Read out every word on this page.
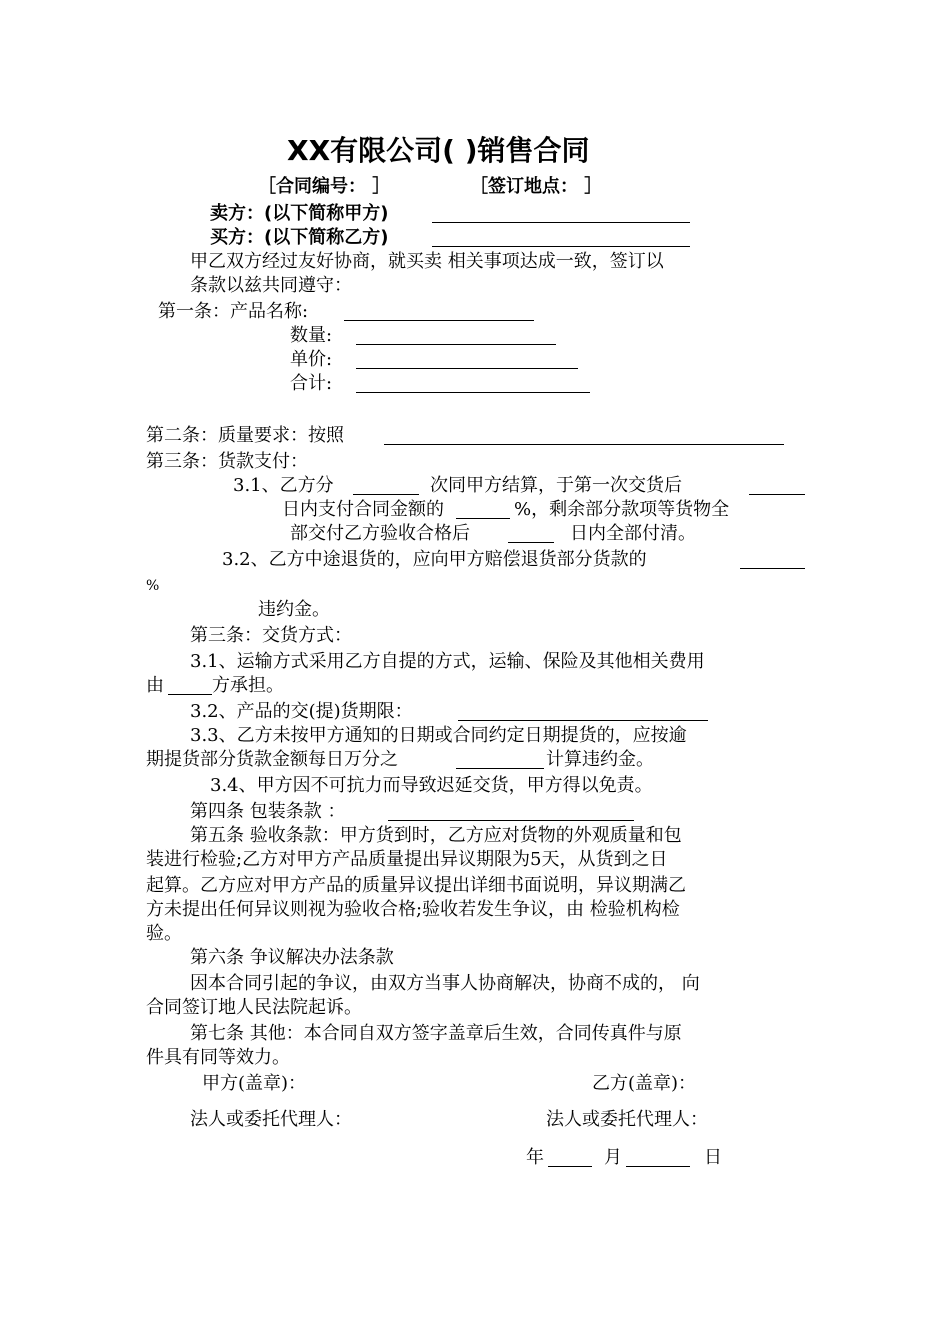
XX有限公司( )销售合同
［合同编号： ］	［签订地点： ］
卖方：(以下简称甲方)
买方：(以下简称乙方)
甲乙双方经过友好协商，就买卖 相关事项达成一致，签订以
条款以兹共同遵守：
第一条：产品名称:
数量:
单价:
合计:
第二条：质量要求：按照
第三条：货款支付：
3.1、乙方分	次同甲方结算，于第一次交货后
日内支付合同金额的	%，剩余部分款项等货物全
部交付乙方验收合格后	日内全部付清。
3.2、乙方中途退货的，应向甲方赔偿退货部分货款的
%
违约金。
第三条：交货方式：
3.1、运输方式采用乙方自提的方式，运输、保险及其他相关费用
由	方承担。
3.2、产品的交(提)货期限：
3.3、乙方未按甲方通知的日期或合同约定日期提货的，应按逾
期提货部分货款金额每日万分之	计算违约金。
3.4、甲方因不可抗力而导致迟延交货，甲方得以免责。
第四条 包装条款 ：
第五条 验收条款：甲方货到时，乙方应对货物的外观质量和包
装进行检验;乙方对甲方产品质量提出异议期限为5天，从货到之日
起算。乙方应对甲方产品的质量异议提出详细书面说明，异议期满乙
方未提出任何异议则视为验收合格;验收若发生争议，由 检验机构检
验。
第六条 争议解决办法条款
因本合同引起的争议，由双方当事人协商解决，协商不成的， 向
合同签订地人民法院起诉。
第七条 其他：本合同自双方签字盖章后生效，合同传真件与原
件具有同等效力。
甲方(盖章)：	乙方(盖章)：
法人或委托代理人：	法人或委托代理人：
年	月	日
